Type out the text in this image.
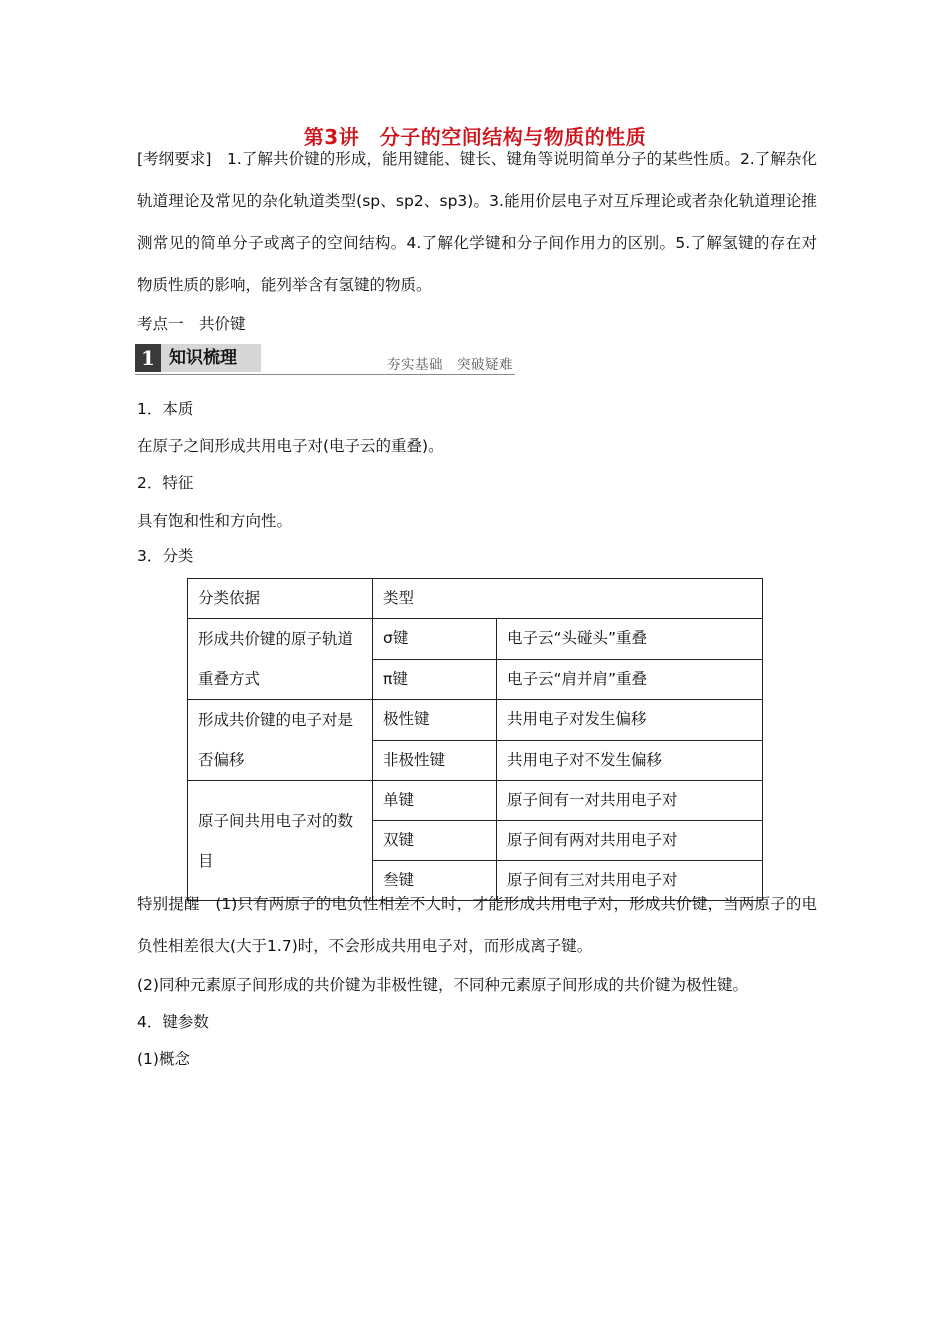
第3讲　分子的空间结构与物质的性质
[考纲要求]　1.了解共价键的形成，能用键能、键长、键角等说明简单分子的某些性质。2.了解杂化轨道理论及常见的杂化轨道类型(sp、sp2、sp3)。3.能用价层电子对互斥理论或者杂化轨道理论推测常见的简单分子或离子的空间结构。4.了解化学键和分子间作用力的区别。5.了解氢键的存在对物质性质的影响，能列举含有氢键的物质。
考点一　共价键
1 知识梳理	夯实基础　突破疑难
1．本质
在原子之间形成共用电子对(电子云的重叠)。
2．特征
具有饱和性和方向性。
3．分类
分类依据	类型	
形成共价键的原子轨道重叠方式	σ键	电子云“头碰头”重叠
	π键	电子云“肩并肩”重叠
形成共价键的电子对是否偏移	极性键	共用电子对发生偏移
	非极性键	共用电子对不发生偏移
原子间共用电子对的数目	单键	原子间有一对共用电子对
	双键	原子间有两对共用电子对
	叁键	原子间有三对共用电子对
特别提醒　(1)只有两原子的电负性相差不大时，才能形成共用电子对，形成共价键，当两原子的电负性相差很大(大于1.7)时，不会形成共用电子对，而形成离子键。
(2)同种元素原子间形成的共价键为非极性键，不同种元素原子间形成的共价键为极性键。
4．键参数
(1)概念
